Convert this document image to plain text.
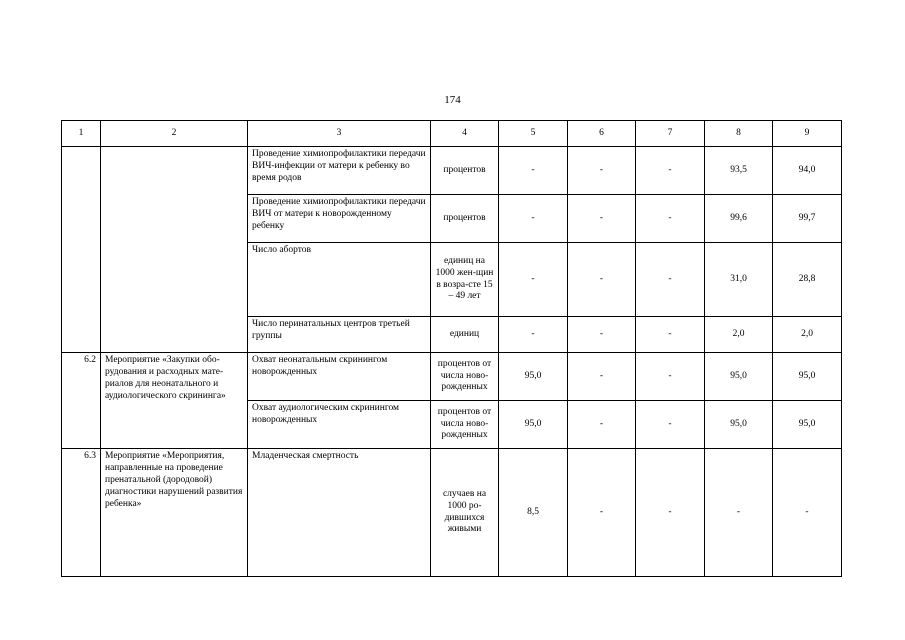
174
1	2	3	4	5	6	7	8	9
		Проведение химиопрофилактики передачи ВИЧ-инфекции от матери к ребенку во время родов	процентов	-	-	-	93,5	94,0
		Проведение химиопрофилактики передачи ВИЧ от матери к новорожденному ребенку	процентов	-	-	-	99,6	99,7
		Число абортов	единиц на 1000 жен-щин в возра-сте 15 – 49 лет	-	-	-	31,0	28,8
		Число перинатальных центров третьей группы	единиц	-	-	-	2,0	2,0
6.2	Мероприятие «Закупки обо-рудования и расходных мате-риалов для неонатального и аудиологического скрининга»	Охват неонатальным скринингом новорожденных	процентов от числа ново-рожденных	95,0	-	-	95,0	95,0
		Охват аудиологическим скринингом новорожденных	процентов от числа ново-рожденных	95,0	-	-	95,0	95,0
6.3	Мероприятие «Мероприятия, направленные на проведение пренатальной (дородовой) диагностики нарушений развития ребенка»	Младенческая смертность	случаев на 1000 ро-дившихся живыми	8,5	-	-	-	-
